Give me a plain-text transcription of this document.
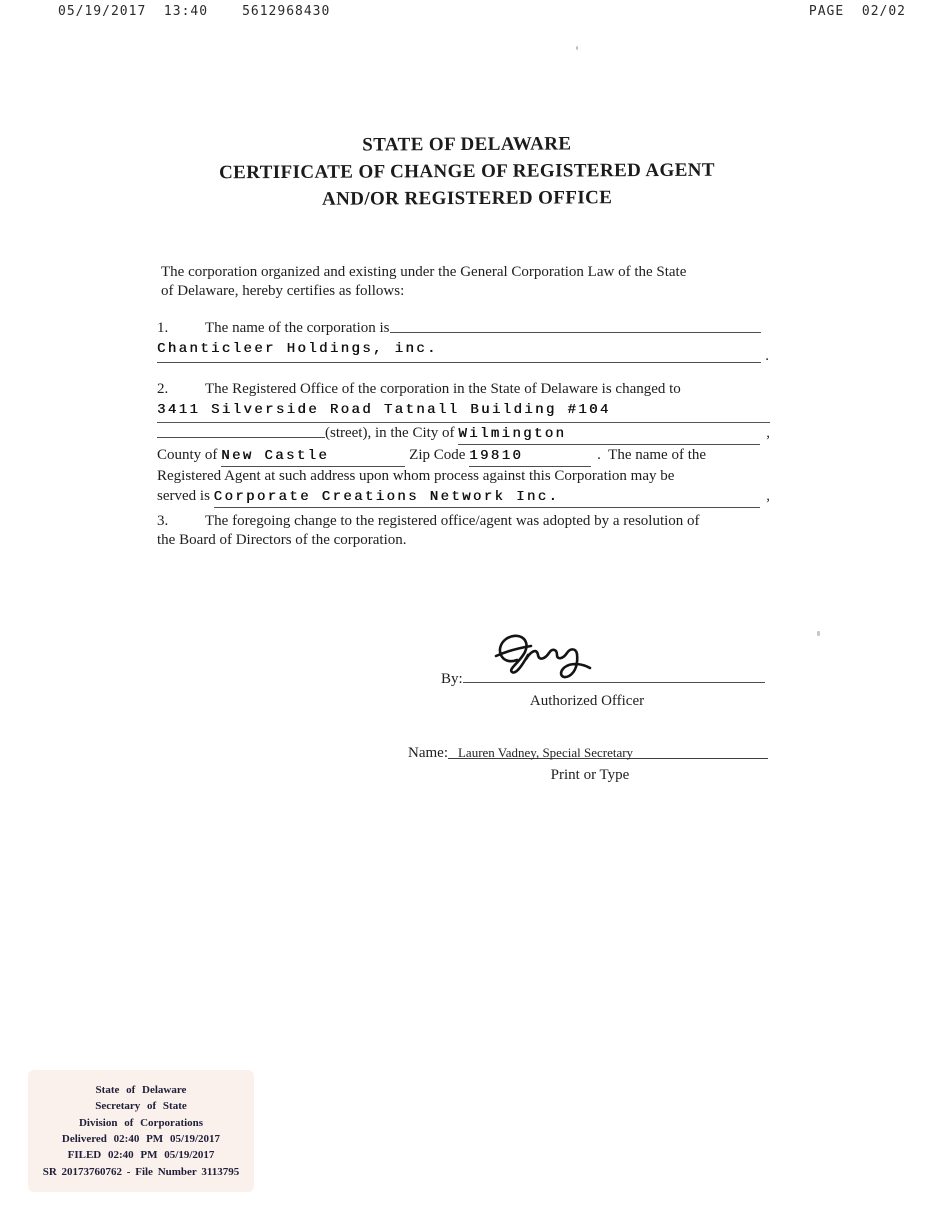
05/19/2017  13:40	5612968430	PAGE  02/02
STATE OF DELAWARE
CERTIFICATE OF CHANGE OF REGISTERED AGENT
AND/OR REGISTERED OFFICE
The corporation organized and existing under the General Corporation Law of the State
of Delaware, hereby certifies as follows:
1.	The name of the corporation is
Chanticleer Holdings, inc.	.
2.	The Registered Office of the corporation in the State of Delaware is changed to
3411 Silverside Road Tatnall Building #104
(street), in the City of Wilmington	,
County of New Castle	Zip Code 19810	.  The name of the
Registered Agent at such address upon whom process against this Corporation may be
served is Corporate Creations Network Inc.	,
3.	The foregoing change to the registered office/agent was adopted by a resolution of
the Board of Directors of the corporation.
By:
Authorized Officer
Name: Lauren Vadney, Special Secretary
Print or Type
State of Delaware
Secretary of State
Division of Corporations
Delivered 02:40 PM 05/19/2017
FILED 02:40 PM 05/19/2017
SR 20173760762 - File Number 3113795
